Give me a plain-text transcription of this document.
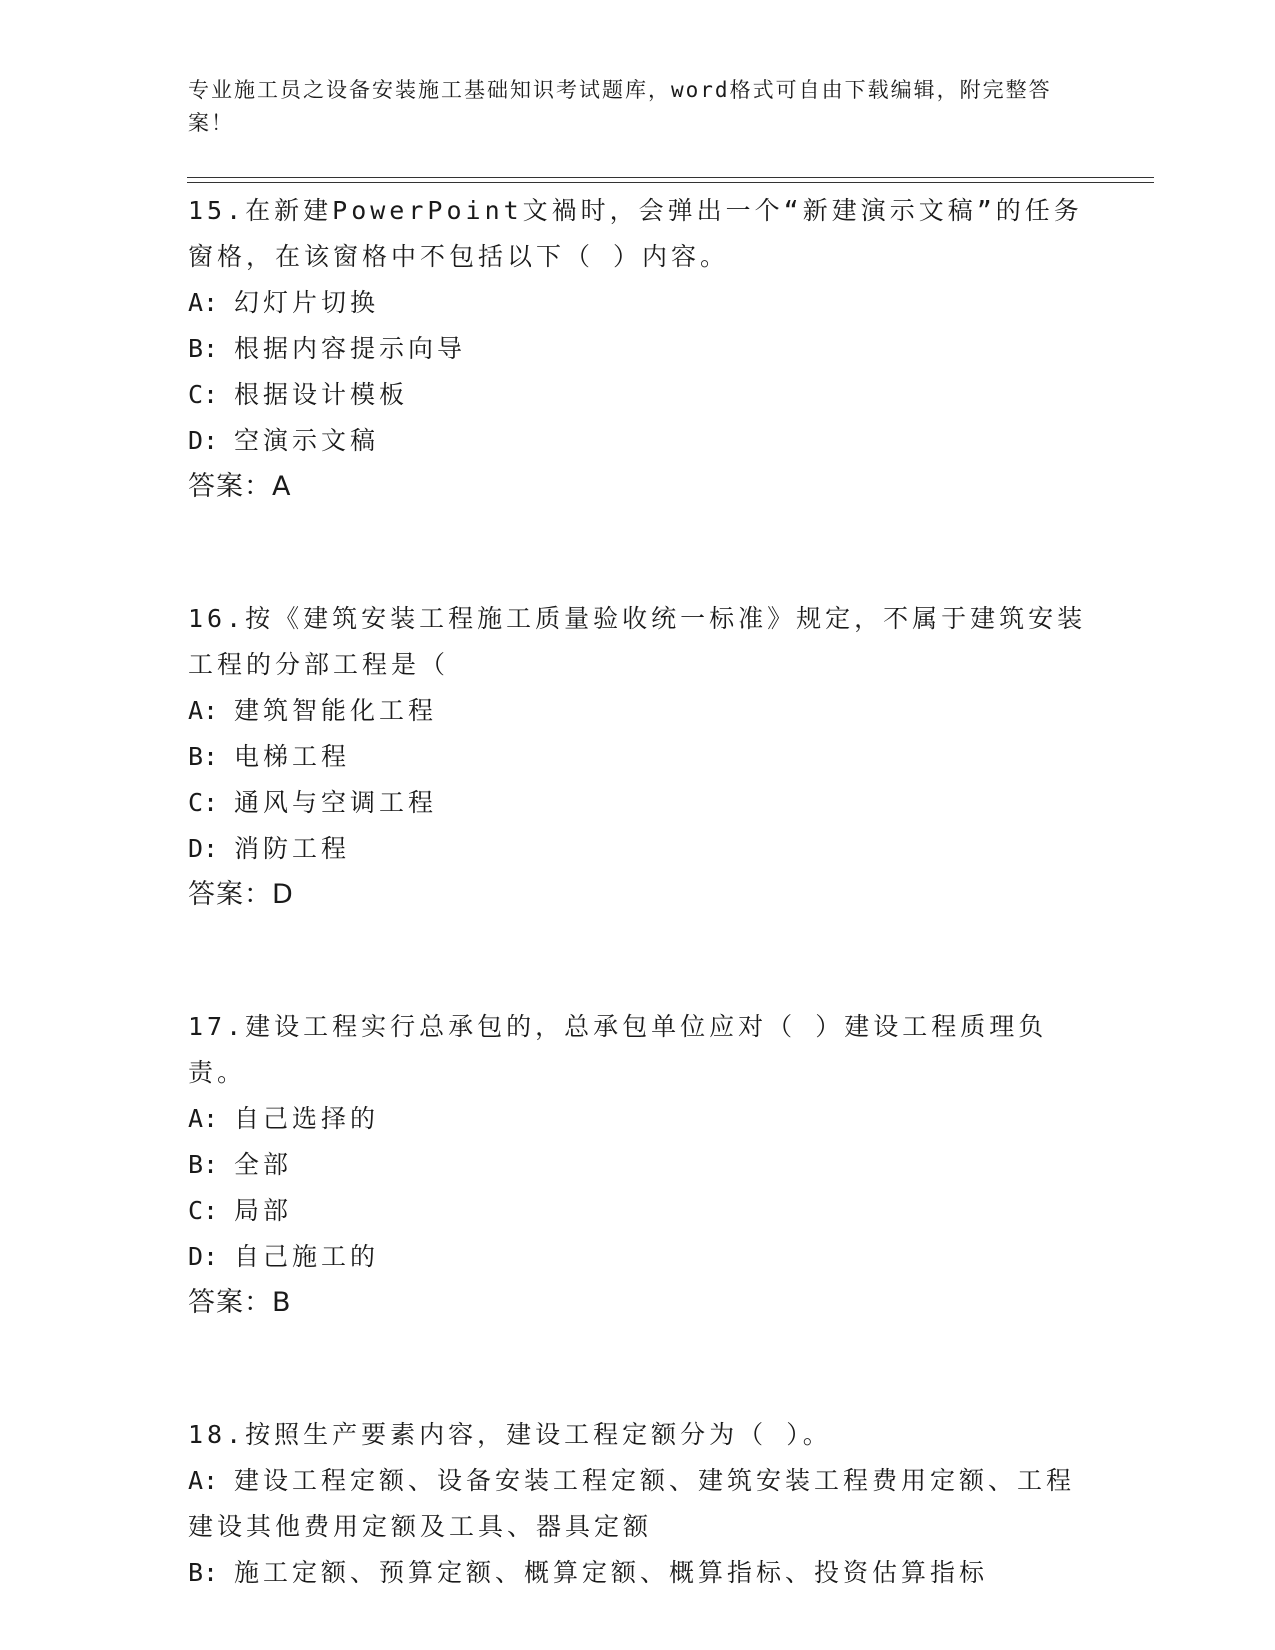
专业施工员之设备安装施工基础知识考试题库，word格式可自由下载编辑，附完整答案！
15.在新建PowerPoint文禍时，会弹出一个“新建演示文稿”的任务窗格，在该窗格中不包括以下（ ）内容。
A: 幻灯片切换
B: 根据内容提示向导
C: 根据设计模板
D: 空演示文稿
答案：A
16.按《建筑安装工程施工质量验收统一标准》规定，不属于建筑安装工程的分部工程是（
A: 建筑智能化工程
B: 电梯工程
C: 通风与空调工程
D: 消防工程
答案：D
17.建设工程实行总承包的，总承包单位应对（ ）建设工程质理负责。
A: 自己选择的
B: 全部
C: 局部
D: 自己施工的
答案：B
18.按照生产要素内容，建设工程定额分为（ ）。
A: 建设工程定额、设备安装工程定额、建筑安装工程费用定额、工程建设其他费用定额及工具、器具定额
B: 施工定额、预算定额、概算定额、概算指标、投资估算指标
